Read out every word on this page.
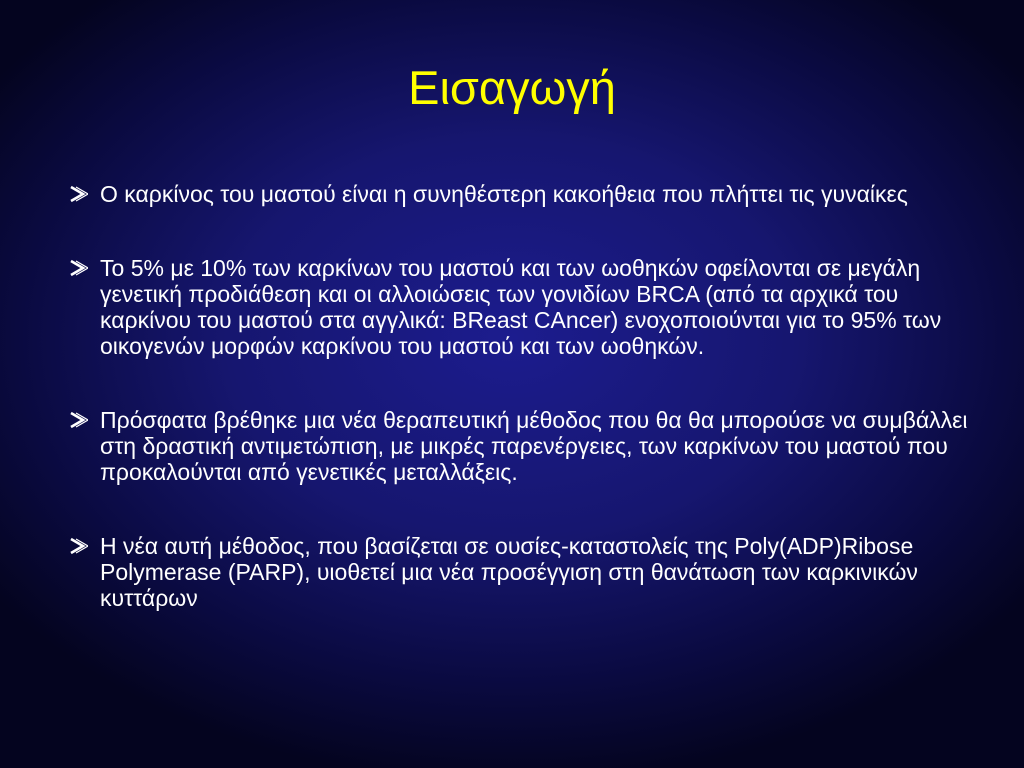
Εισαγωγή
Ο καρκίνος του μαστού είναι η συνηθέστερη κακοήθεια που πλήττει τις γυναίκες
Το 5% με 10% των καρκίνων του μαστού και των ωοθηκών οφείλονται σε μεγάλη γενετική προδιάθεση και οι αλλοιώσεις των γονιδίων BRCA (από τα αρχικά του καρκίνου του μαστού στα αγγλικά: BReast CAncer) ενοχοποιούνται για το 95% των οικογενών μορφών καρκίνου του μαστού και των ωοθηκών.
Πρόσφατα βρέθηκε μια νέα θεραπευτική μέθοδος που θα θα μπορούσε να συμβάλλει στη δραστική αντιμετώπιση, με μικρές παρενέργειες, των καρκίνων του μαστού που προκαλούνται από γενετικές μεταλλάξεις.
Η νέα αυτή μέθοδος, που βασίζεται σε ουσίες-καταστολείς της Poly(ADP)Ribose Polymerase (PARP), υιοθετεί μια νέα προσέγγιση στη θανάτωση των καρκινικών κυττάρων
